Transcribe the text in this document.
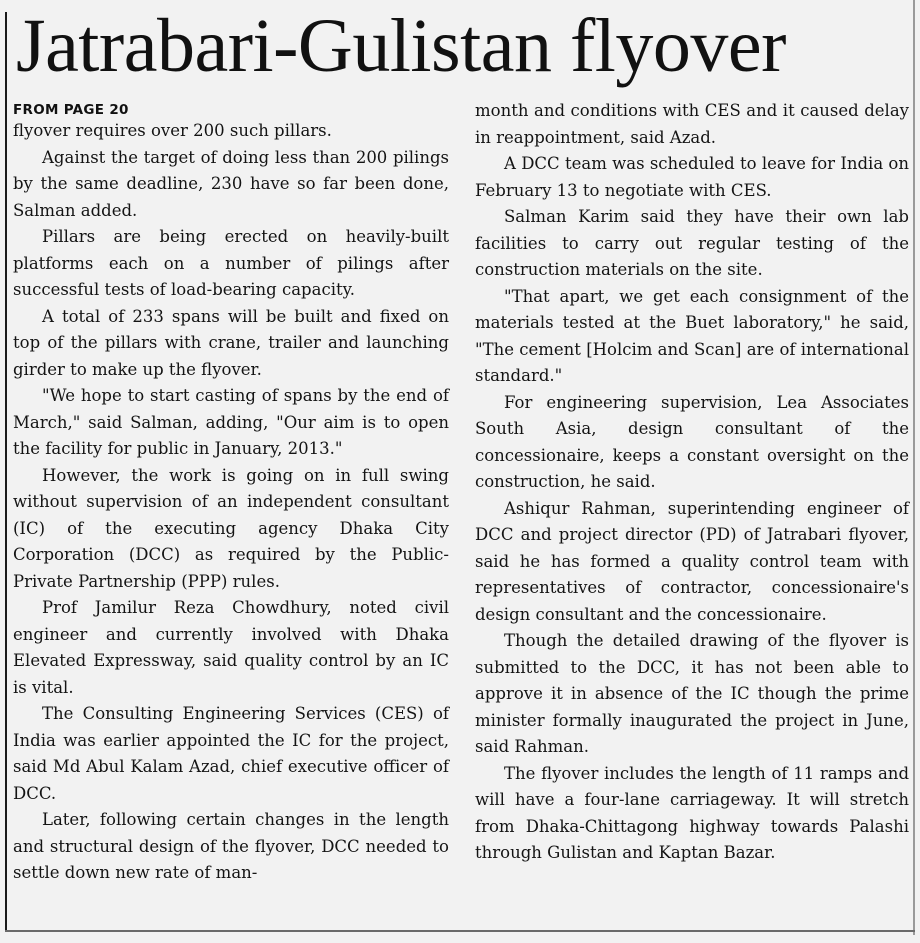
Jatrabari-Gulistan flyover

FROM PAGE 20

flyover requires over 200 such pillars.

Against the target of doing less than 200 pilings by the same deadline, 230 have so far been done, Salman added.

Pillars are being erected on heavily-built platforms each on a number of pilings after successful tests of load-bearing capacity.

A total of 233 spans will be built and fixed on top of the pillars with crane, trailer and launching girder to make up the flyover.

"We hope to start casting of spans by the end of March," said Salman, adding, "Our aim is to open the facility for public in January, 2013."

However, the work is going on in full swing without supervision of an independent consultant (IC) of the executing agency Dhaka City Corporation (DCC) as required by the Public-Private Partnership (PPP) rules.

Prof Jamilur Reza Chowdhury, noted civil engineer and currently involved with Dhaka Elevated Expressway, said quality control by an IC is vital.

The Consulting Engineering Services (CES) of India was earlier appointed the IC for the project, said Md Abul Kalam Azad, chief executive officer of DCC.

Later, following certain changes in the length and structural design of the flyover, DCC needed to settle down new rate of man-

month and conditions with CES and it caused delay in reappointment, said Azad.

A DCC team was scheduled to leave for India on February 13 to negotiate with CES.

Salman Karim said they have their own lab facilities to carry out regular testing of the construction materials on the site.

"That apart, we get each consignment of the materials tested at the Buet laboratory," he said, "The cement [Holcim and Scan] are of international standard."

For engineering supervision, Lea Associates South Asia, design consultant of the concessionaire, keeps a constant oversight on the construction, he said.

Ashiqur Rahman, superintending engineer of DCC and project director (PD) of Jatrabari flyover, said he has formed a quality control team with representatives of contractor, concessionaire's design consultant and the concessionaire.

Though the detailed drawing of the flyover is submitted to the DCC, it has not been able to approve it in absence of the IC though the prime minister formally inaugurated the project in June, said Rahman.

The flyover includes the length of 11 ramps and will have a four-lane carriageway. It will stretch from Dhaka-Chittagong highway towards Palashi through Gulistan and Kaptan Bazar.
